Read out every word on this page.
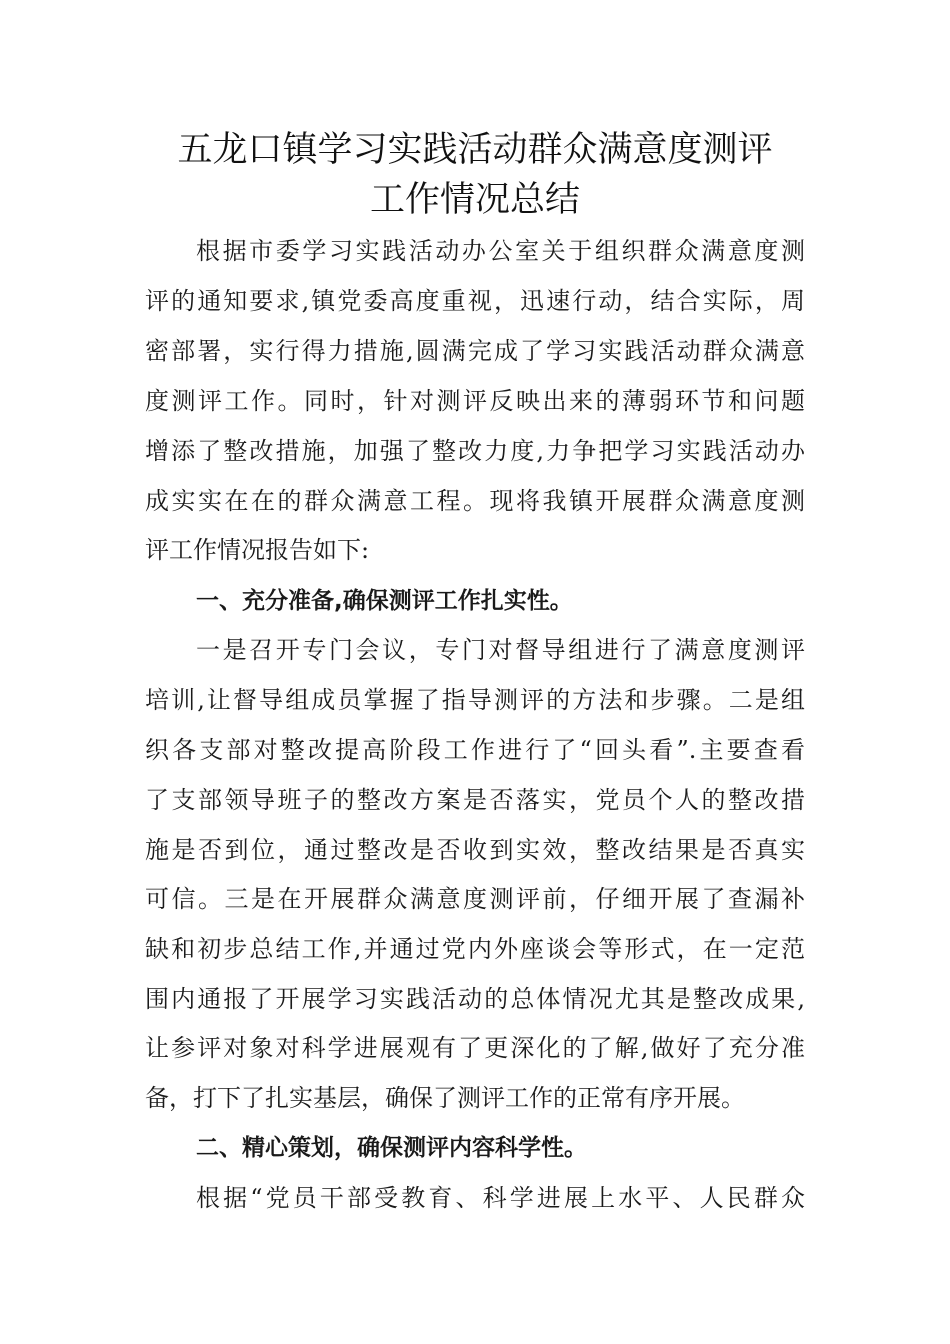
五龙口镇学习实践活动群众满意度测评
工作情况总结
根据市委学习实践活动办公室关于组织群众满意度测
评的通知要求,镇党委高度重视，迅速行动，结合实际，周
密部署，实行得力措施,圆满完成了学习实践活动群众满意
度测评工作。同时，针对测评反映出来的薄弱环节和问题
增添了整改措施，加强了整改力度,力争把学习实践活动办
成实实在在的群众满意工程。现将我镇开展群众满意度测
评工作情况报告如下:
一、充分准备,确保测评工作扎实性。
一是召开专门会议，专门对督导组进行了满意度测评
培训,让督导组成员掌握了指导测评的方法和步骤。二是组
织各支部对整改提高阶段工作进行了“回头看”.主要查看
了支部领导班子的整改方案是否落实，党员个人的整改措
施是否到位，通过整改是否收到实效，整改结果是否真实
可信。三是在开展群众满意度测评前，仔细开展了查漏补
缺和初步总结工作,并通过党内外座谈会等形式，在一定范
围内通报了开展学习实践活动的总体情况尤其是整改成果,
让参评对象对科学进展观有了更深化的了解,做好了充分准
备，打下了扎实基层，确保了测评工作的正常有序开展。
二、精心策划，确保测评内容科学性。
根据“党员干部受教育、科学进展上水平、人民群众
